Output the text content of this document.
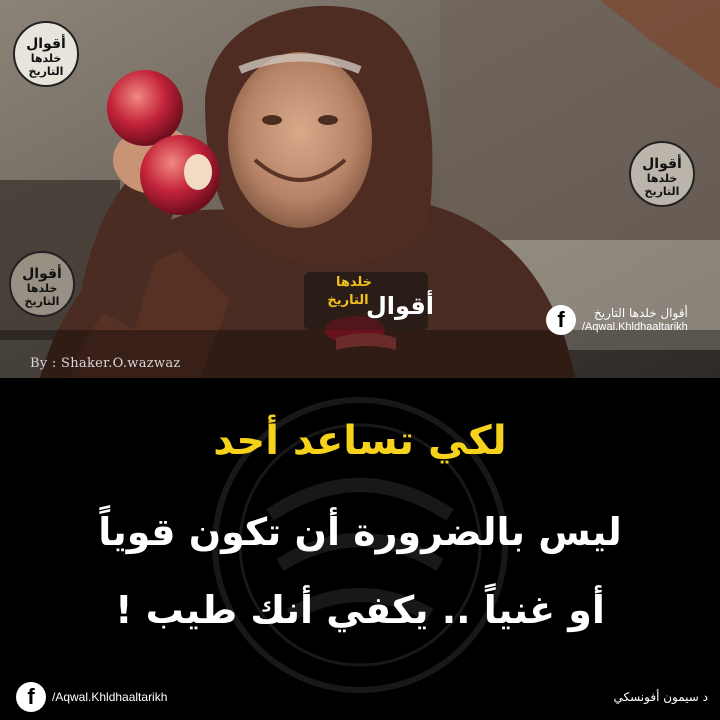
أقوال
خلدها
التاريخ
أقوال
خلدها
التاريخ
أقوال
خلدها
التاريخ
خلدها
التاريخ
أقوال	f	أقوال خلدها التاريخ
/Aqwal.Khldhaaltarikh
By : Shaker.O.wazwaz
لكي تساعد أحد
ليس بالضرورة أن تكون قوياً
أو غنياً .. يكفي أنك طيب !
f	/Aqwal.Khldhaaltarikh	د سيمون أفونسكي
